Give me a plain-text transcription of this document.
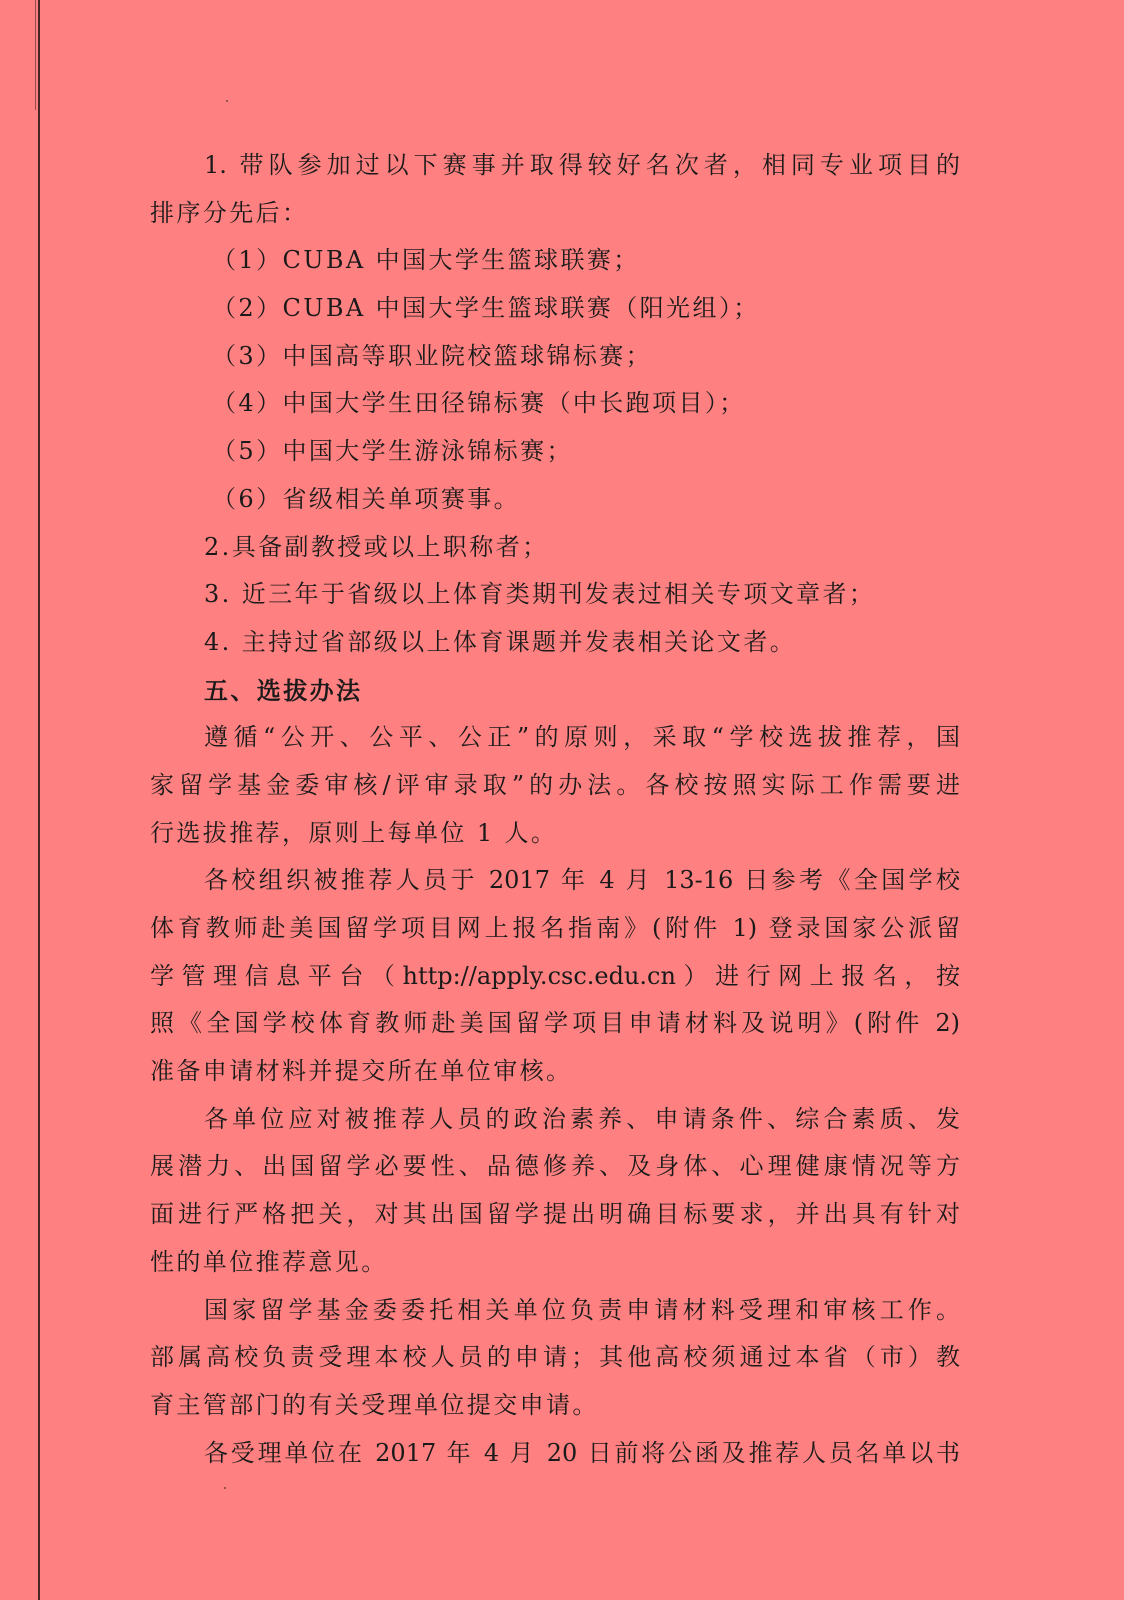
1. 带队参加过以下赛事并取得较好名次者，相同专业项目的
排序分先后：
（1）CUBA 中国大学生篮球联赛；
（2）CUBA 中国大学生篮球联赛（阳光组）；
（3）中国高等职业院校篮球锦标赛；
（4）中国大学生田径锦标赛（中长跑项目）；
（5）中国大学生游泳锦标赛；
（6）省级相关单项赛事。
2.具备副教授或以上职称者；
3. 近三年于省级以上体育类期刊发表过相关专项文章者；
4. 主持过省部级以上体育课题并发表相关论文者。
五、选拔办法
遵循“公开、公平、公正”的原则，采取“学校选拔推荐，国
家留学基金委审核/评审录取”的办法。各校按照实际工作需要进
行选拔推荐，原则上每单位 1 人。
各校组织被推荐人员于 2017 年 4 月 13-16 日参考《全国学校
体育教师赴美国留学项目网上报名指南》(附件 1) 登录国家公派留
学管理信息平台（http://apply.csc.edu.cn）进行网上报名，按
照《全国学校体育教师赴美国留学项目申请材料及说明》(附件 2)
准备申请材料并提交所在单位审核。
各单位应对被推荐人员的政治素养、申请条件、综合素质、发
展潜力、出国留学必要性、品德修养、及身体、心理健康情况等方
面进行严格把关，对其出国留学提出明确目标要求，并出具有针对
性的单位推荐意见。
国家留学基金委委托相关单位负责申请材料受理和审核工作。
部属高校负责受理本校人员的申请；其他高校须通过本省（市）教
育主管部门的有关受理单位提交申请。
各受理单位在 2017 年 4 月 20 日前将公函及推荐人员名单以书
